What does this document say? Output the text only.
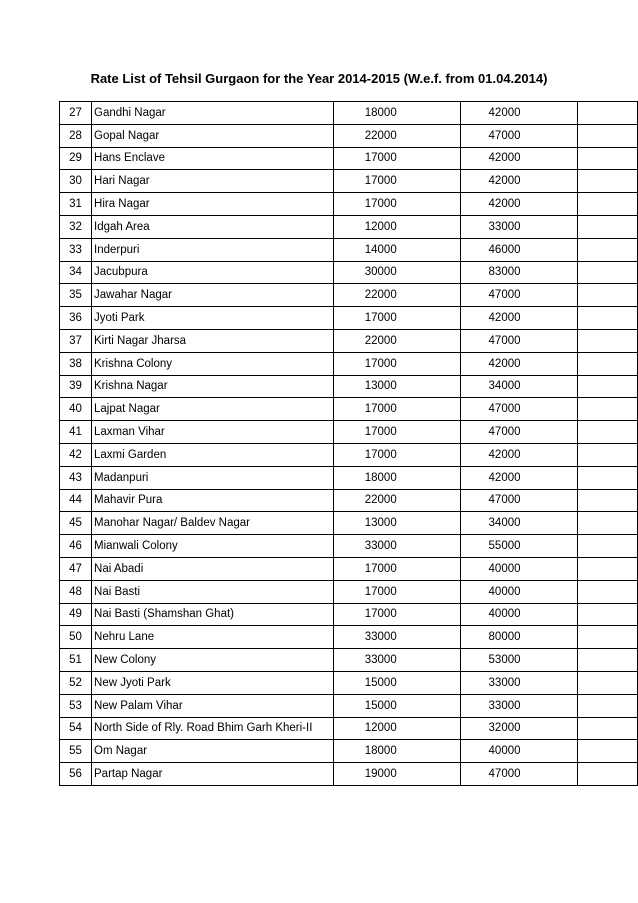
Rate List of Tehsil Gurgaon for the Year 2014-2015 (W.e.f. from 01.04.2014)
27	Gandhi Nagar	18000	42000	
28	Gopal Nagar	22000	47000	
29	Hans Enclave	17000	42000	
30	Hari Nagar	17000	42000	
31	Hira Nagar	17000	42000	
32	Idgah Area	12000	33000	
33	Inderpuri	14000	46000	
34	Jacubpura	30000	83000	
35	Jawahar Nagar	22000	47000	
36	Jyoti Park	17000	42000	
37	Kirti Nagar Jharsa	22000	47000	
38	Krishna Colony	17000	42000	
39	Krishna Nagar	13000	34000	
40	Lajpat Nagar	17000	47000	
41	Laxman Vihar	17000	47000	
42	Laxmi Garden	17000	42000	
43	Madanpuri	18000	42000	
44	Mahavir Pura	22000	47000	
45	Manohar Nagar/ Baldev Nagar	13000	34000	
46	Mianwali Colony	33000	55000	
47	Nai Abadi	17000	40000	
48	Nai Basti	17000	40000	
49	Nai Basti (Shamshan Ghat)	17000	40000	
50	Nehru Lane	33000	80000	
51	New Colony	33000	53000	
52	New Jyoti Park	15000	33000	
53	New Palam Vihar	15000	33000	
54	North Side of Rly. Road Bhim Garh Kheri-II	12000	32000	
55	Om Nagar	18000	40000	
56	Partap Nagar	19000	47000	
